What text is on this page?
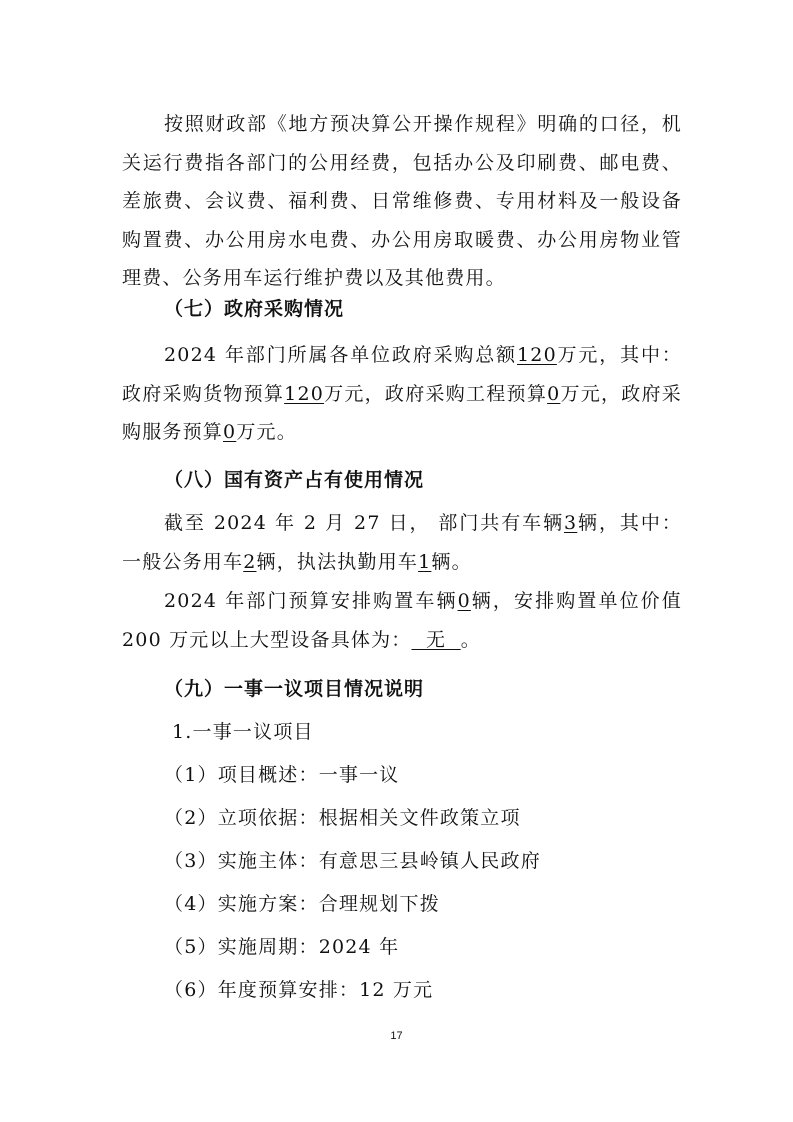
按照财政部《地方预决算公开操作规程》明确的口径，机关运行费指各部门的公用经费，包括办公及印刷费、邮电费、差旅费、会议费、福利费、日常维修费、专用材料及一般设备购置费、办公用房水电费、办公用房取暖费、办公用房物业管理费、公务用车运行维护费以及其他费用。

（七）政府采购情况

2024 年部门所属各单位政府采购总额120万元，其中：政府采购货物预算120万元，政府采购工程预算0万元，政府采购服务预算0万元。

（八）国有资产占有使用情况

截至 2024 年 2 月 27 日， 部门共有车辆3辆，其中：一般公务用车2辆，执法执勤用车1辆。

2024 年部门预算安排购置车辆0辆，安排购置单位价值 200 万元以上大型设备具体为：  无  。

（九）一事一议项目情况说明

1.一事一议项目

（1）项目概述：一事一议

（2）立项依据：根据相关文件政策立项

（3）实施主体：有意思三县岭镇人民政府

（4）实施方案：合理规划下拨

（5）实施周期：2024 年

（6）年度预算安排：12 万元

17
